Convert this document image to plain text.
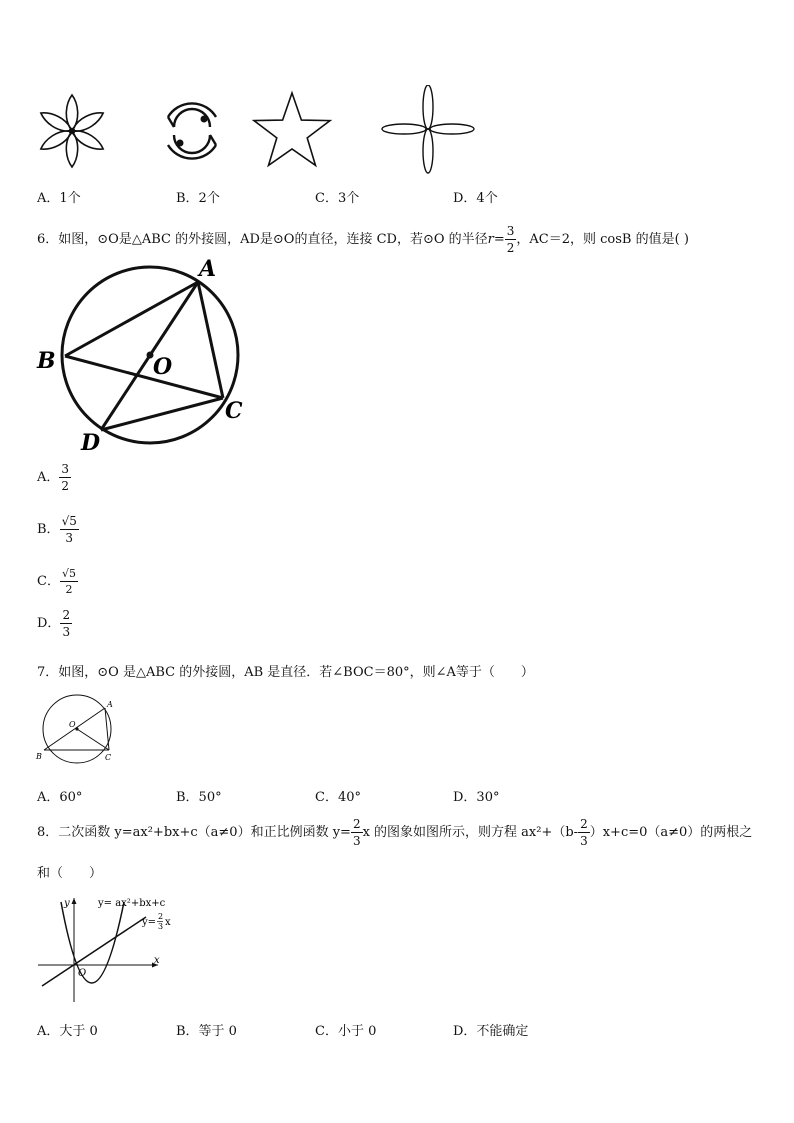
A．1个	B．2个	C．3个	D．4个
6．如图，⊙O是△ABC 的外接圆，AD是⊙O的直径，连接 CD，若⊙O 的半径$r= \frac{3}{2}$ ，AC＝2，则 cosB 的值是( )
A
B
C
D
O
A． $\frac{3}{2}$
B． $\frac{√5}{3}$
C． $\frac{√5}{2}$
D． $\frac{2}{3}$
7．如图，⊙O 是△ABC 的外接圆，AB 是直径．若∠BOC＝80°，则∠A等于（　　）
A
B	C
O
A．60°	B．50°	C．40°	D．30°
8．二次函数 y=ax²+bx+c（a≠0）和正比例函数 $y= \frac{2}{3}$ x 的图象如图所示，则方程 $ax^2+(b- \frac{2}{3} )x+c=0(a\ne 0)$的两根之
和（　　）
y
x
O
y= ax²+bx+c
y=
2
3 x
A．大于 0	B．等于 0	C．小于 0	D．不能确定
